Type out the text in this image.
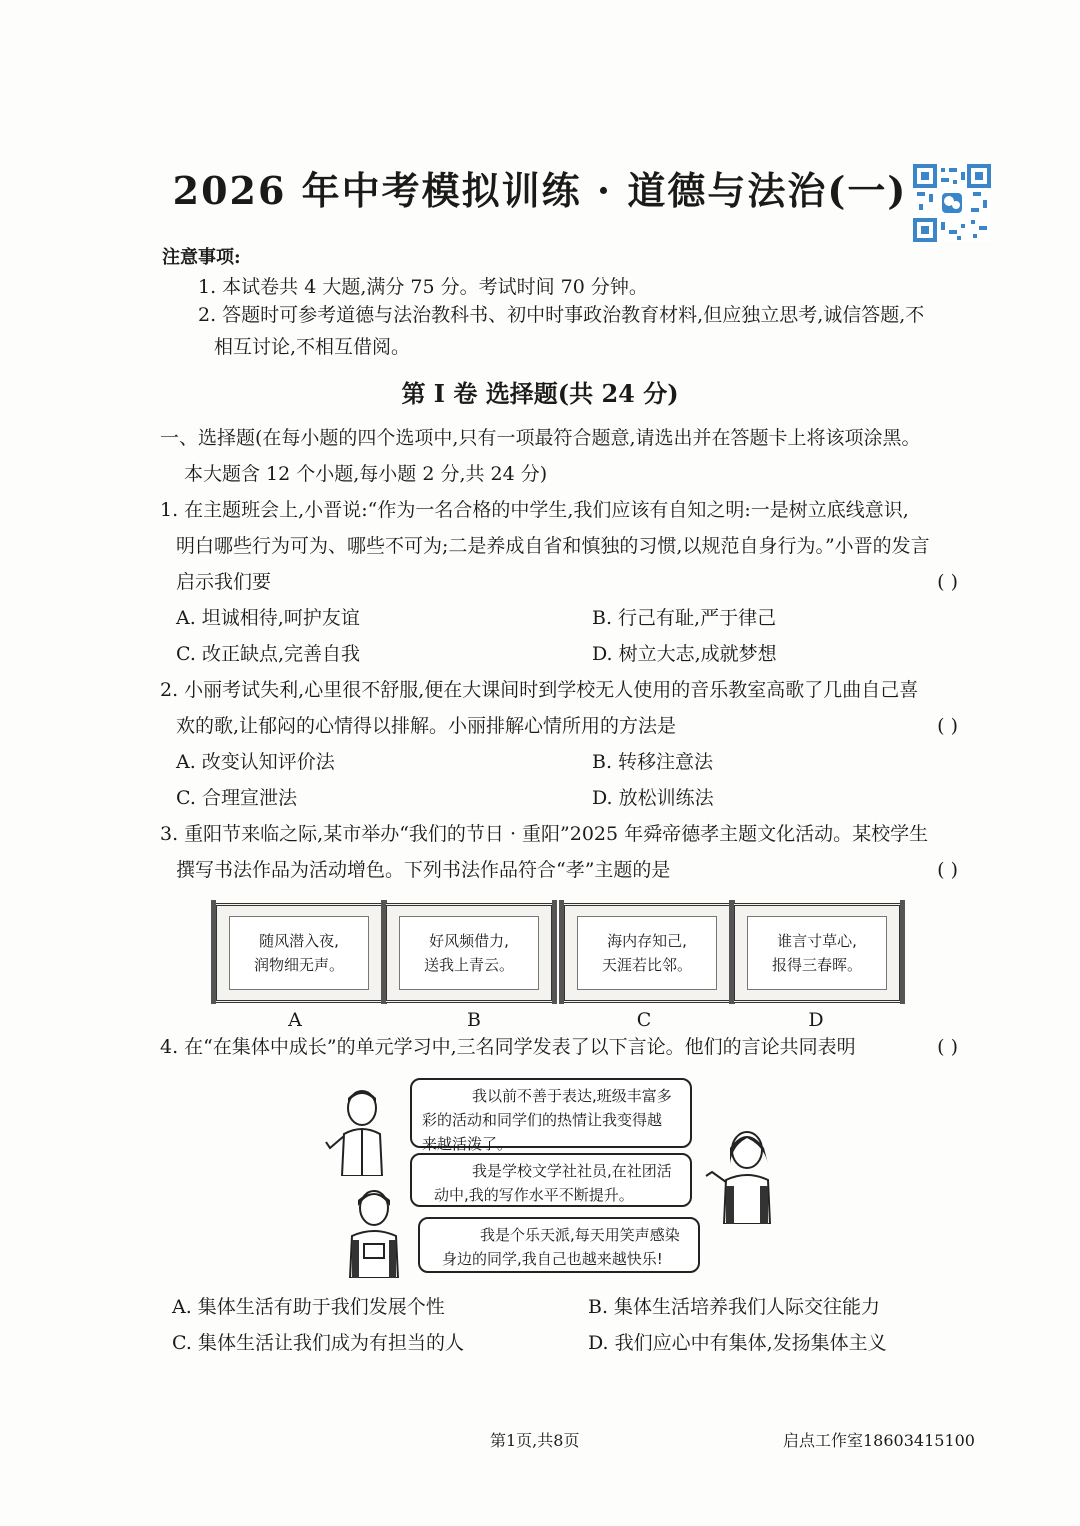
2026 年中考模拟训练 · 道德与法治(一)
注意事项:
1. 本试卷共 4 大题,满分 75 分。考试时间 70 分钟。
2. 答题时可参考道德与法治教科书、初中时事政治教育材料,但应独立思考,诚信答题,不
相互讨论,不相互借阅。
第 Ⅰ 卷 选择题(共 24 分)
一、选择题(在每小题的四个选项中,只有一项最符合题意,请选出并在答题卡上将该项涂黑。
本大题含 12 个小题,每小题 2 分,共 24 分)
1. 在主题班会上,小晋说:“作为一名合格的中学生,我们应该有自知之明:一是树立底线意识,
明白哪些行为可为、哪些不可为;二是养成自省和慎独的习惯,以规范自身行为。”小晋的发言
启示我们要	( )
A. 坦诚相待,呵护友谊	B. 行己有耻,严于律己
C. 改正缺点,完善自我	D. 树立大志,成就梦想
2. 小丽考试失利,心里很不舒服,便在大课间时到学校无人使用的音乐教室高歌了几曲自己喜
欢的歌,让郁闷的心情得以排解。小丽排解心情所用的方法是	( )
A. 改变认知评价法	B. 转移注意法
C. 合理宣泄法	D. 放松训练法
3. 重阳节来临之际,某市举办“我们的节日 · 重阳”2025 年舜帝德孝主题文化活动。某校学生
撰写书法作品为活动增色。下列书法作品符合“孝”主题的是	( )
随风潜入夜,
润物细无声。
好风频借力,
送我上青云。
海内存知己,
天涯若比邻。
谁言寸草心,
报得三春晖。
A	B	C	D
4. 在“在集体中成长”的单元学习中,三名同学发表了以下言论。他们的言论共同表明	( )
我以前不善于表达,班级丰富多
彩的活动和同学们的热情让我变得越
来越活泼了。
我是学校文学社社员,在社团活
动中,我的写作水平不断提升。
我是个乐天派,每天用笑声感染
身边的同学,我自己也越来越快乐!
A. 集体生活有助于我们发展个性	B. 集体生活培养我们人际交往能力
C. 集体生活让我们成为有担当的人	D. 我们应心中有集体,发扬集体主义
第1页,共8页	启点工作室18603415100
